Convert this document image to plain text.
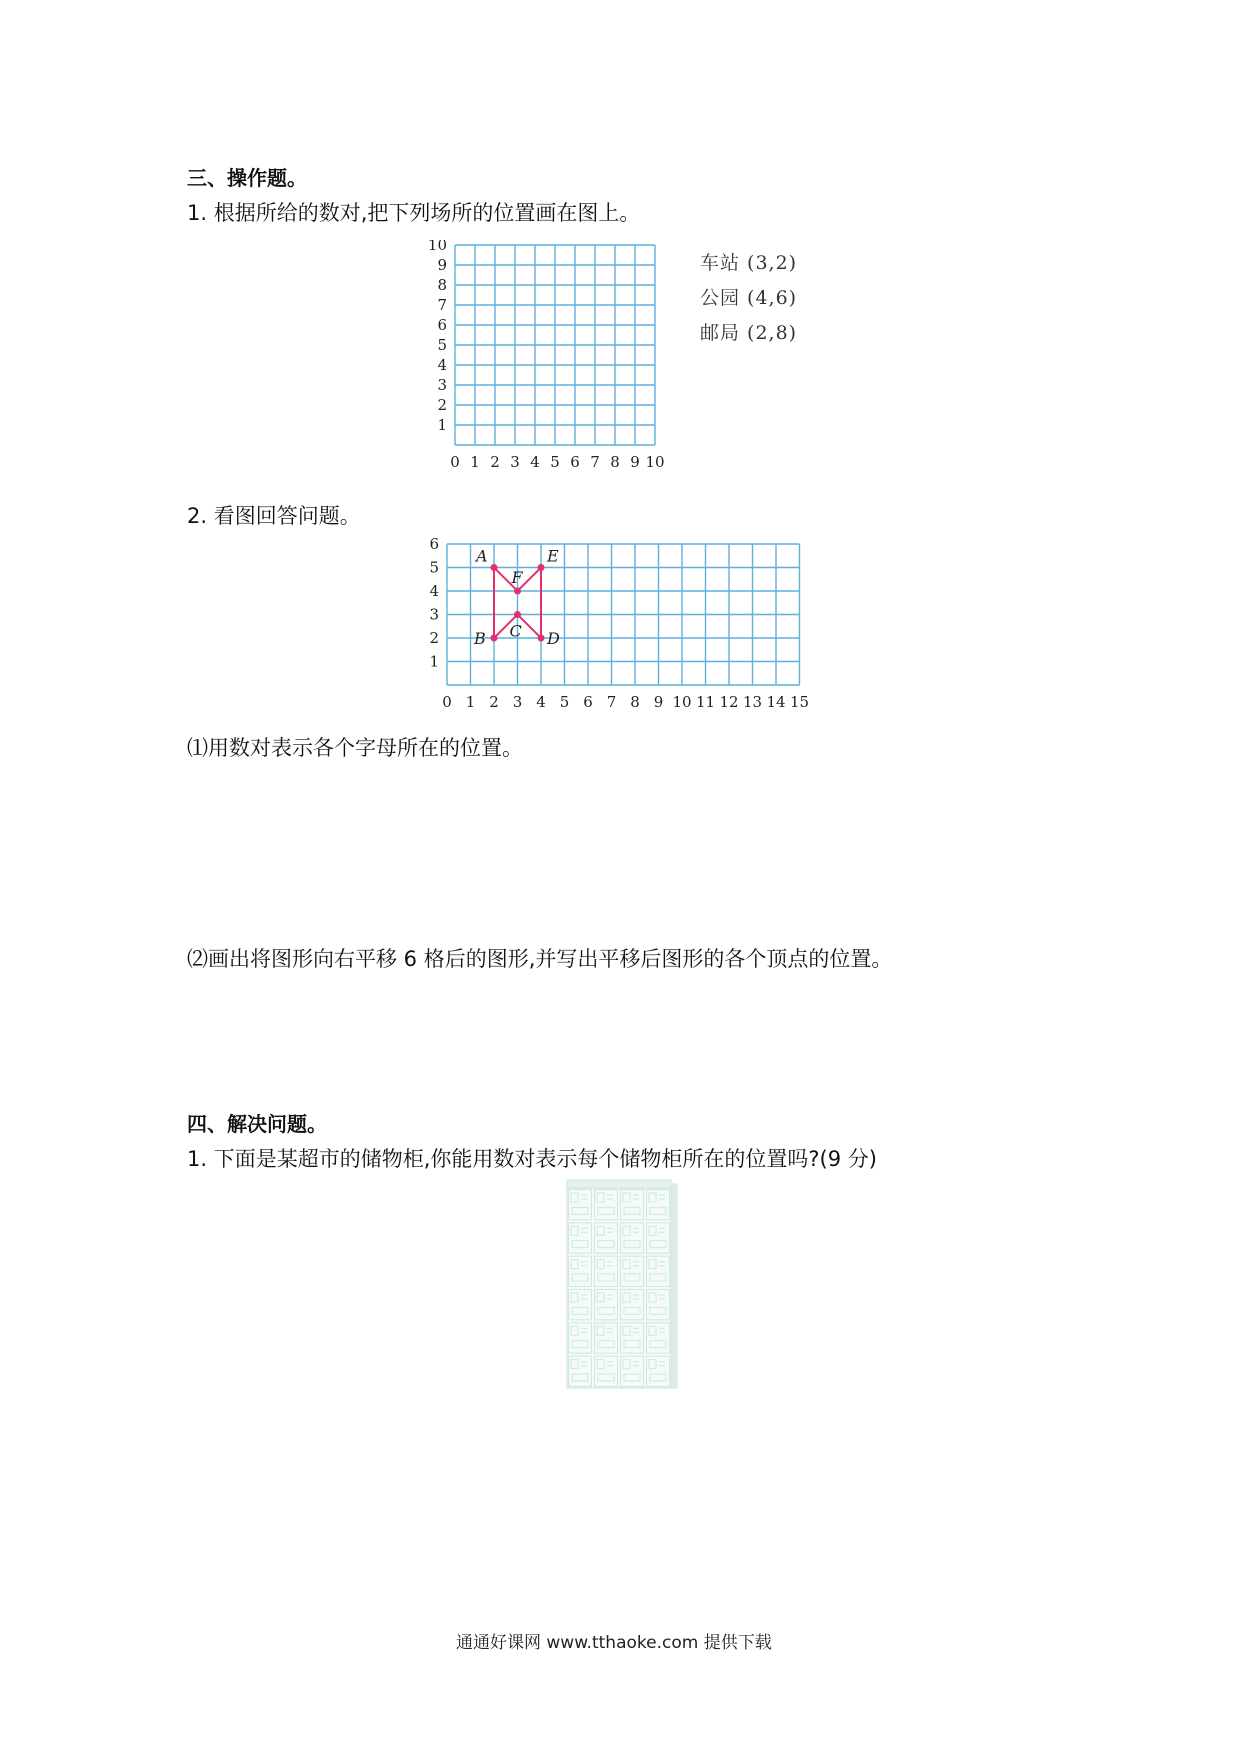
三、操作题。
1. 根据所给的数对,把下列场所的位置画在图上。
0 1 2 3 4 5 6 7 8 9 10
1
2
3
4
5
6
7
8
9
10
车站 (3,2)
公园 (4,6)
邮局 (2,8)
2. 看图回答问题。
0 1 2 3 4 5 6 7 8 9 10 11 12 13 14 15
1
2
3
4
5
6
A	E
F
C
B	D
⑴用数对表示各个字母所在的位置。
⑵画出将图形向右平移 6 格后的图形,并写出平移后图形的各个顶点的位置。
四、解决问题。
1. 下面是某超市的储物柜,你能用数对表示每个储物柜所在的位置吗?(9 分)
通通好课网 www.tthaoke.com 提供下载
